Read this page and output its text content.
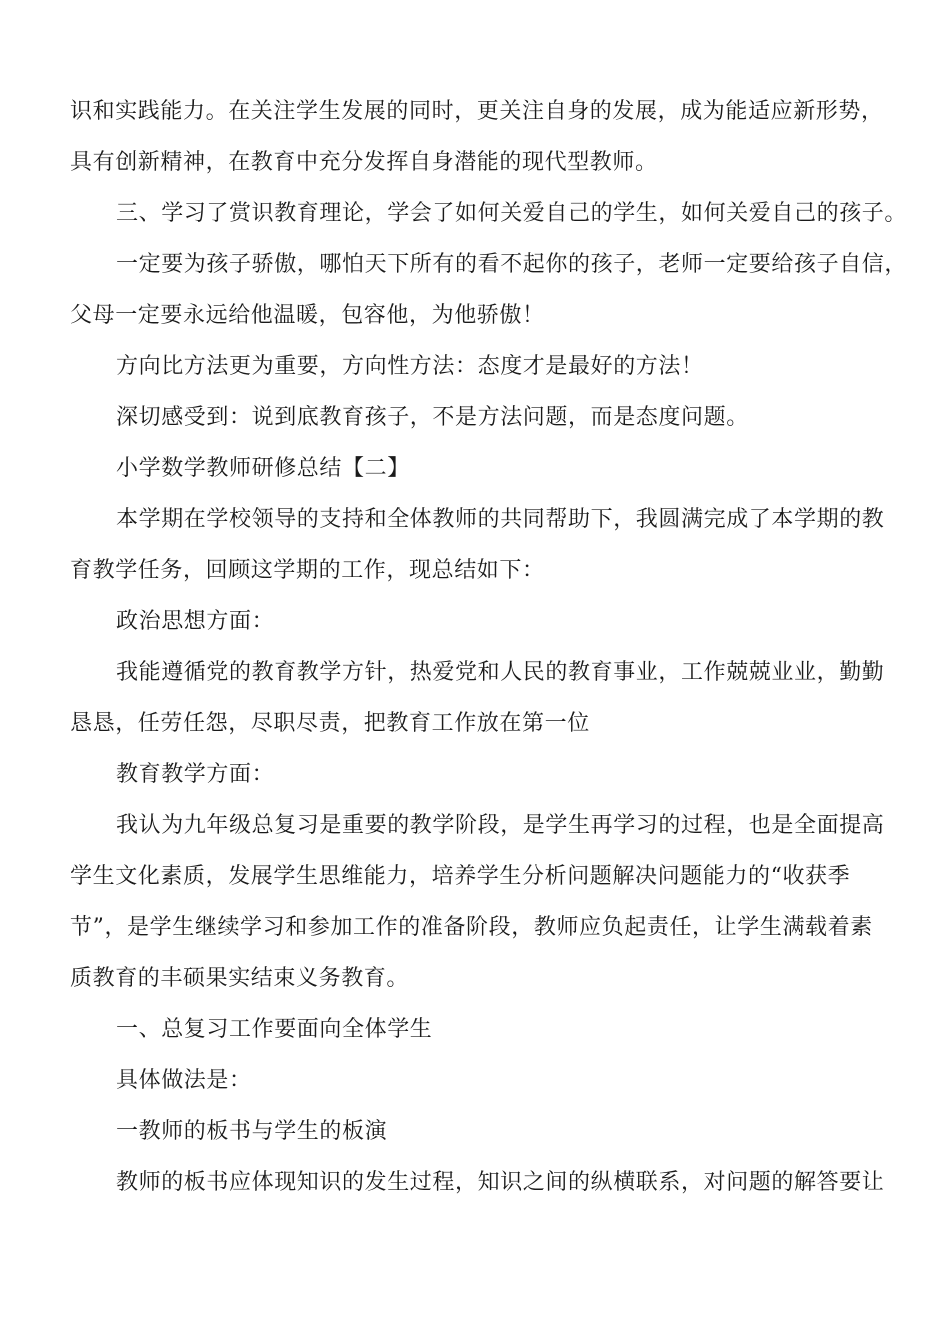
识和实践能力。在关注学生发展的同时，更关注自身的发展，成为能适应新形势，
具有创新精神，在教育中充分发挥自身潜能的现代型教师。
三、学习了赏识教育理论，学会了如何关爱自己的学生，如何关爱自己的孩子。
一定要为孩子骄傲，哪怕天下所有的看不起你的孩子，老师一定要给孩子自信，
父母一定要永远给他温暖，包容他，为他骄傲！
方向比方法更为重要，方向性方法：态度才是最好的方法！
深切感受到：说到底教育孩子，不是方法问题，而是态度问题。
小学数学教师研修总结【二】
本学期在学校领导的支持和全体教师的共同帮助下，我圆满完成了本学期的教
育教学任务，回顾这学期的工作，现总结如下：
政治思想方面：
我能遵循党的教育教学方针，热爱党和人民的教育事业，工作兢兢业业，勤勤
恳恳，任劳任怨，尽职尽责，把教育工作放在第一位
教育教学方面：
我认为九年级总复习是重要的教学阶段，是学生再学习的过程，也是全面提高
学生文化素质，发展学生思维能力，培养学生分析问题解决问题能力的“收获季
节”，是学生继续学习和参加工作的准备阶段，教师应负起责任，让学生满载着素
质教育的丰硕果实结束义务教育。
一、总复习工作要面向全体学生
具体做法是：
一教师的板书与学生的板演
教师的板书应体现知识的发生过程，知识之间的纵横联系，对问题的解答要让
